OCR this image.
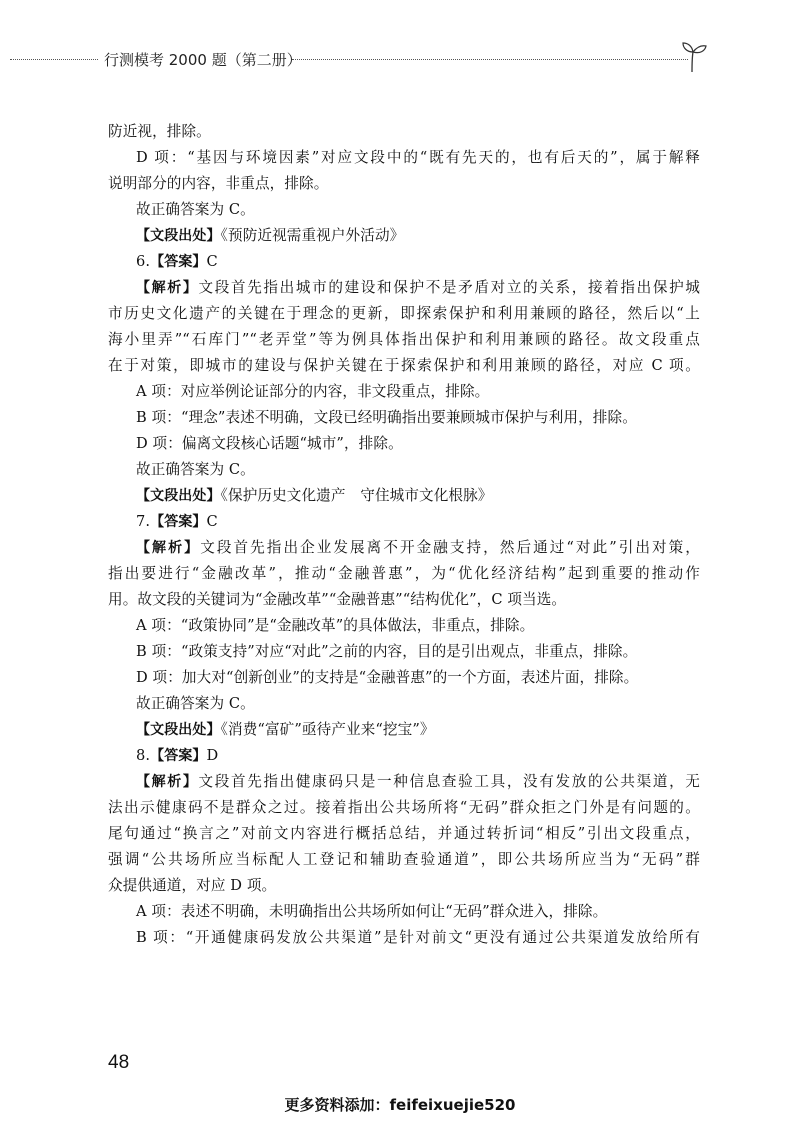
行测模考 2000 题（第二册）
防近视，排除。
D 项：“基因与环境因素”对应文段中的“既有先天的，也有后天的”，属于解释
说明部分的内容，非重点，排除。
故正确答案为 C。
【文段出处】《预防近视需重视户外活动》
6.【答案】C
【解析】文段首先指出城市的建设和保护不是矛盾对立的关系，接着指出保护城
市历史文化遗产的关键在于理念的更新，即探索保护和利用兼顾的路径，然后以“上
海小里弄”“石库门”“老弄堂”等为例具体指出保护和利用兼顾的路径。故文段重点
在于对策，即城市的建设与保护关键在于探索保护和利用兼顾的路径，对应 C 项。
A 项：对应举例论证部分的内容，非文段重点，排除。
B 项：“理念”表述不明确，文段已经明确指出要兼顾城市保护与利用，排除。
D 项：偏离文段核心话题“城市”，排除。
故正确答案为 C。
【文段出处】《保护历史文化遗产　守住城市文化根脉》
7.【答案】C
【解析】文段首先指出企业发展离不开金融支持，然后通过“对此”引出对策，
指出要进行“金融改革”，推动“金融普惠”，为“优化经济结构”起到重要的推动作
用。故文段的关键词为“金融改革”“金融普惠”“结构优化”，C 项当选。
A 项：“政策协同”是“金融改革”的具体做法，非重点，排除。
B 项：“政策支持”对应“对此”之前的内容，目的是引出观点，非重点，排除。
D 项：加大对“创新创业”的支持是“金融普惠”的一个方面，表述片面，排除。
故正确答案为 C。
【文段出处】《消费“富矿”亟待产业来“挖宝”》
8.【答案】D
【解析】文段首先指出健康码只是一种信息查验工具，没有发放的公共渠道，无
法出示健康码不是群众之过。接着指出公共场所将“无码”群众拒之门外是有问题的。
尾句通过“换言之”对前文内容进行概括总结，并通过转折词“相反”引出文段重点，
强调“公共场所应当标配人工登记和辅助查验通道”，即公共场所应当为“无码”群
众提供通道，对应 D 项。
A 项：表述不明确，未明确指出公共场所如何让“无码”群众进入，排除。
B 项：“开通健康码发放公共渠道”是针对前文“更没有通过公共渠道发放给所有
48
更多资料添加：feifeixuejie520
